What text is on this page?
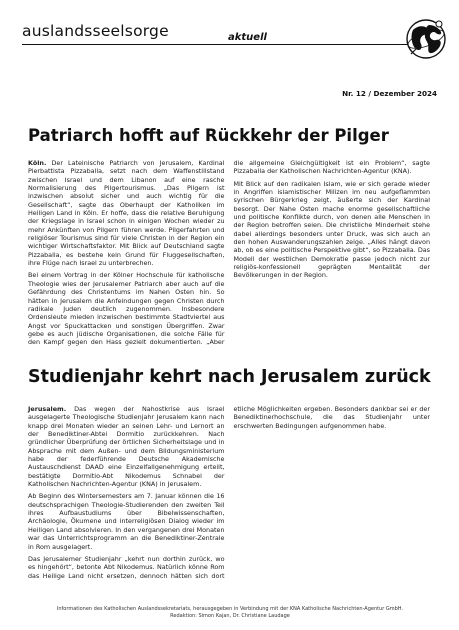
auslandsseelsorge	aktuell
Nr. 12 / Dezember 2024
Patriarch hofft auf Rückkehr der Pilger

Köln. Der Lateinische Patriarch von Jerusalem, Kardinal Pierbattista Pizzaballa, setzt nach dem Waffenstillstand zwischen Israel und dem Libanon auf eine rasche Normalisierung des Pilgertourismus. „Das Pilgern ist inzwischen absolut sicher und auch wichtig für die Gesellschaft“, sagte das Oberhaupt der Katholiken im Heiligen Land in Köln. Er hoffe, dass die relative Beruhigung der Kriegslage in Israel schon in einigen Wochen wieder zu mehr Ankünften von Pilgern führen werde. Pilgerfahrten und religiöser Tourismus sind für viele Christen in der Region ein wichtiger Wirtschaftsfaktor. Mit Blick auf Deutschland sagte Pizzaballa, es bestehe kein Grund für Fluggesellschaften, ihre Flüge nach Israel zu unterbrechen.

Bei einem Vortrag in der Kölner Hochschule für katholische Theologie wies der Jerusalemer Patriarch aber auch auf die Gefährdung des Christentums im Nahen Osten hin. So hätten in Jerusalem die Anfeindungen gegen Christen durch radikale Juden deutlich zugenommen. Insbesondere Ordensleute mieden inzwischen bestimmte Stadtviertel aus Angst vor Spuckattacken und sonstigen Übergriffen. Zwar gebe es auch jüdische Organisationen, die solche Fälle für den Kampf gegen den Hass gezielt dokumentierten. „Aber die allgemeine Gleichgültigkeit ist ein Problem“, sagte Pizzaballa der Katholischen Nachrichten-Agentur (KNA).

Mit Blick auf den radikalen Islam, wie er sich gerade wieder in Angriffen islamistischer Milizen im neu aufgeflammten syrischen Bürgerkrieg zeigt, äußerte sich der Kardinal besorgt. Der Nahe Osten mache enorme gesellschaftliche und politische Konflikte durch, von denen alle Menschen in der Region betroffen seien. Die christliche Minderheit stehe dabei allerdings besonders unter Druck, was sich auch an den hohen Auswanderungszahlen zeige. „Alles hängt davon ab, ob es eine politische Perspektive gibt“, so Pizzaballa. Das Modell der westlichen Demokratie passe jedoch nicht zur religiös-konfessionell geprägten Mentalität der Bevölkerungen in der Region.

Studienjahr kehrt nach Jerusalem zurück

Jerusalem. Das wegen der Nahostkrise aus Israel ausgelagerte Theologische Studienjahr Jerusalem kann nach knapp drei Monaten wieder an seinen Lehr- und Lernort an der Benediktiner-Abtei Dormitio zurückkehren. Nach gründlicher Überprüfung der örtlichen Sicherheitslage und in Absprache mit dem Außen- und dem Bildungsministerium habe der federführende Deutsche Akademische Austauschdienst DAAD eine Einzelfallgenehmigung erteilt, bestätigte Dormitio-Abt Nikodemus Schnabel der Katholischen Nachrichten-Agentur (KNA) in Jerusalem.

Ab Beginn des Wintersemesters am 7. Januar können die 16 deutschsprachigen Theologie-Studierenden den zweiten Teil ihres Aufbaustudiums über Bibelwissenschaften, Archäologie, Ökumene und interreligiösen Dialog wieder im Heiligen Land absolvieren. In den vergangenen drei Monaten war das Unterrichtsprogramm an die Benediktiner-Zentrale in Rom ausgelagert.

Das Jerusalemer Studienjahr „kehrt nun dorthin zurück, wo es hingehört“, betonte Abt Nikodemus. Natürlich könne Rom das Heilige Land nicht ersetzen, dennoch hätten sich dort etliche Möglichkeiten ergeben. Besonders dankbar sei er der Benediktinerhochschule, die das Studienjahr unter erschwerten Bedingungen aufgenommen habe.

Informationen des Katholischen Auslandssekretariats, herausgegeben in Verbindung mit der KNA Katholische Nachrichten-Agentur GmbH.
Redaktion: Simon Kajan, Dr. Christiane Laudage
